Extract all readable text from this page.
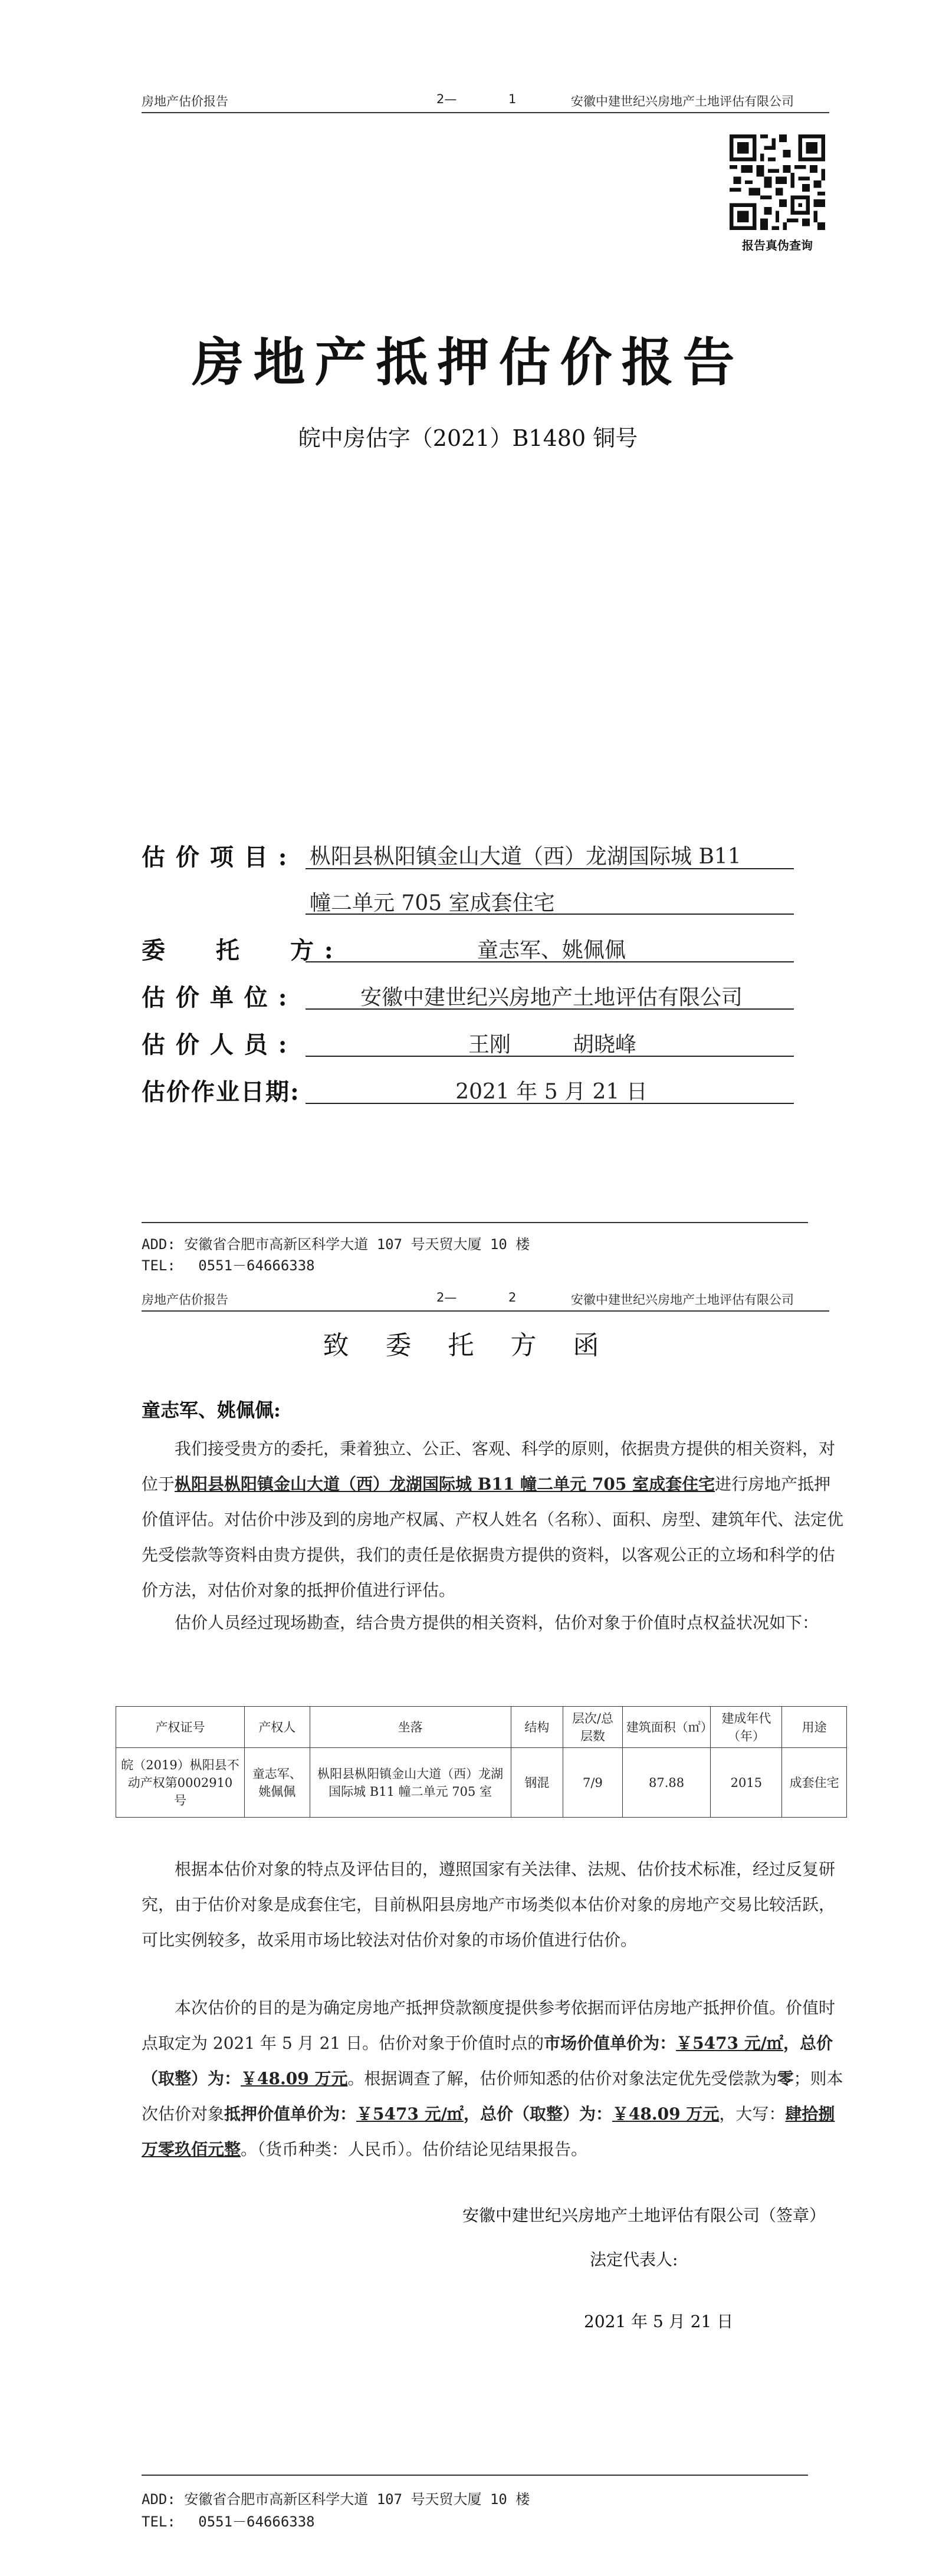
房地产估价报告	2—	1	安徽中建世纪兴房地产土地评估有限公司
报告真伪查询
房地产抵押估价报告
皖中房估字（2021）B1480 铜号
估 价 项 目 : 枞阳县枞阳镇金山大道（西）龙湖国际城 B11
幢二单元 705 室成套住宅
委　　托　　方 :	童志军、姚佩佩
估 价 单 位 :	安徽中建世纪兴房地产土地评估有限公司
估 价 人 员 :	王刚	胡晓峰
估价作业日期:	2021 年 5 月 21 日
ADD: 安徽省合肥市高新区科学大道 107 号天贸大厦 10 楼
TEL:　 0551－64666338
房地产估价报告	2—	2	安徽中建世纪兴房地产土地评估有限公司
致 委 托 方 函
童志军、姚佩佩:
我们接受贵方的委托，秉着独立、公正、客观、科学的原则，依据贵方提供的相关资料，对位于枞阳县枞阳镇金山大道（西）龙湖国际城 B11 幢二单元 705 室成套住宅进行房地产抵押价值评估。对估价中涉及到的房地产权属、产权人姓名（名称）、面积、房型、建筑年代、法定优先受偿款等资料由贵方提供，我们的责任是依据贵方提供的资料，以客观公正的立场和科学的估价方法，对估价对象的抵押价值进行评估。
估价人员经过现场勘查，结合贵方提供的相关资料，估价对象于价值时点权益状况如下：
产权证号	产权人	坐落	结构	层次/总层数	建筑面积（㎡）	建成年代（年）	用途
皖（2019）枞阳县不动产权第0002910 号	童志军、姚佩佩	枞阳县枞阳镇金山大道（西）龙湖国际城 B11 幢二单元 705 室	钢混	7/9	87.88	2015	成套住宅
根据本估价对象的特点及评估目的，遵照国家有关法律、法规、估价技术标准，经过反复研究，由于估价对象是成套住宅，目前枞阳县房地产市场类似本估价对象的房地产交易比较活跃，可比实例较多，故采用市场比较法对估价对象的市场价值进行估价。
本次估价的目的是为确定房地产抵押贷款额度提供参考依据而评估房地产抵押价值。价值时点取定为 2021 年 5 月 21 日。估价对象于价值时点的市场价值单价为：￥5473 元/㎡，总价（取整）为：￥48.09 万元。根据调查了解，估价师知悉的估价对象法定优先受偿款为零；则本次估价对象抵押价值单价为：￥5473 元/㎡，总价（取整）为：￥48.09 万元，大写：肆拾捌万零玖佰元整。（货币种类：人民币）。估价结论见结果报告。
安徽中建世纪兴房地产土地评估有限公司（签章）
法定代表人:
2021 年 5 月 21 日
ADD: 安徽省合肥市高新区科学大道 107 号天贸大厦 10 楼
TEL:　 0551－64666338
